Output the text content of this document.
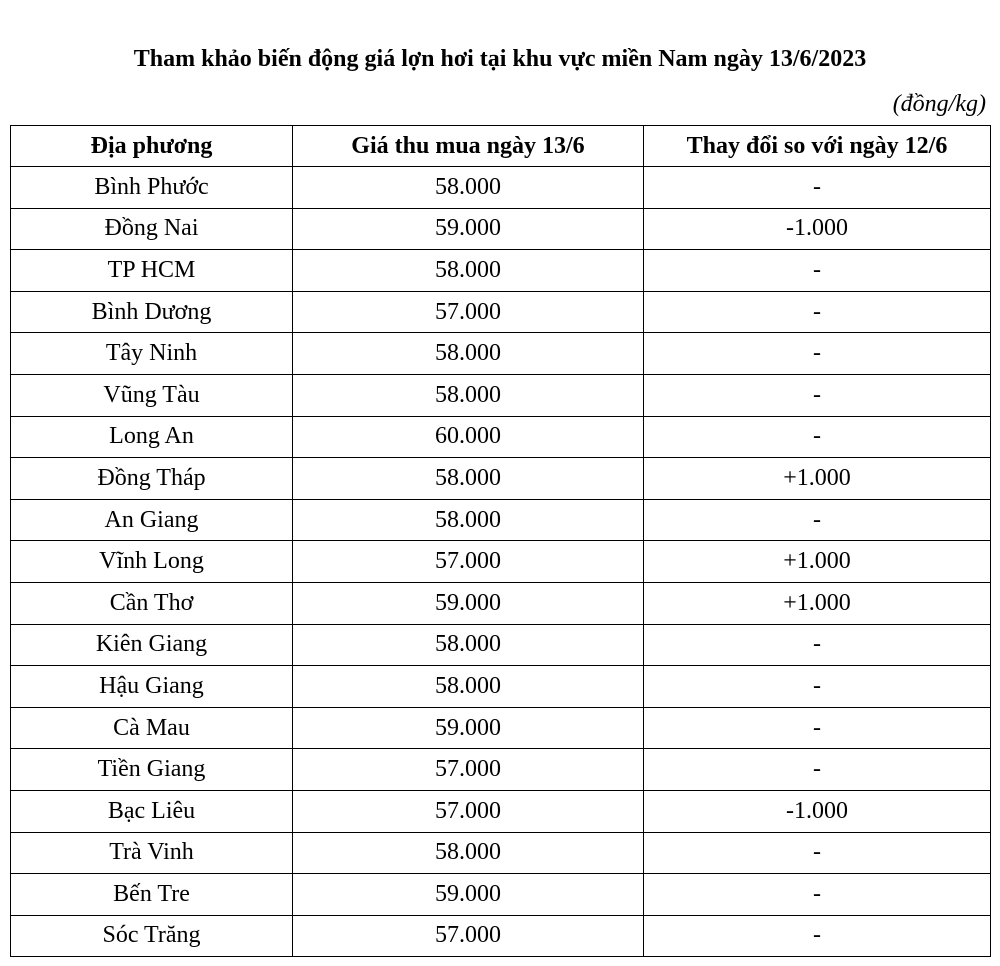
Tham khảo biến động giá lợn hơi tại khu vực miền Nam ngày 13/6/2023
(đồng/kg)
Địa phương	Giá thu mua ngày 13/6	Thay đổi so với ngày 12/6
Bình Phước	58.000	-
Đồng Nai	59.000	-1.000
TP HCM	58.000	-
Bình Dương	57.000	-
Tây Ninh	58.000	-
Vũng Tàu	58.000	-
Long An	60.000	-
Đồng Tháp	58.000	+1.000
An Giang	58.000	-
Vĩnh Long	57.000	+1.000
Cần Thơ	59.000	+1.000
Kiên Giang	58.000	-
Hậu Giang	58.000	-
Cà Mau	59.000	-
Tiền Giang	57.000	-
Bạc Liêu	57.000	-1.000
Trà Vinh	58.000	-
Bến Tre	59.000	-
Sóc Trăng	57.000	-
